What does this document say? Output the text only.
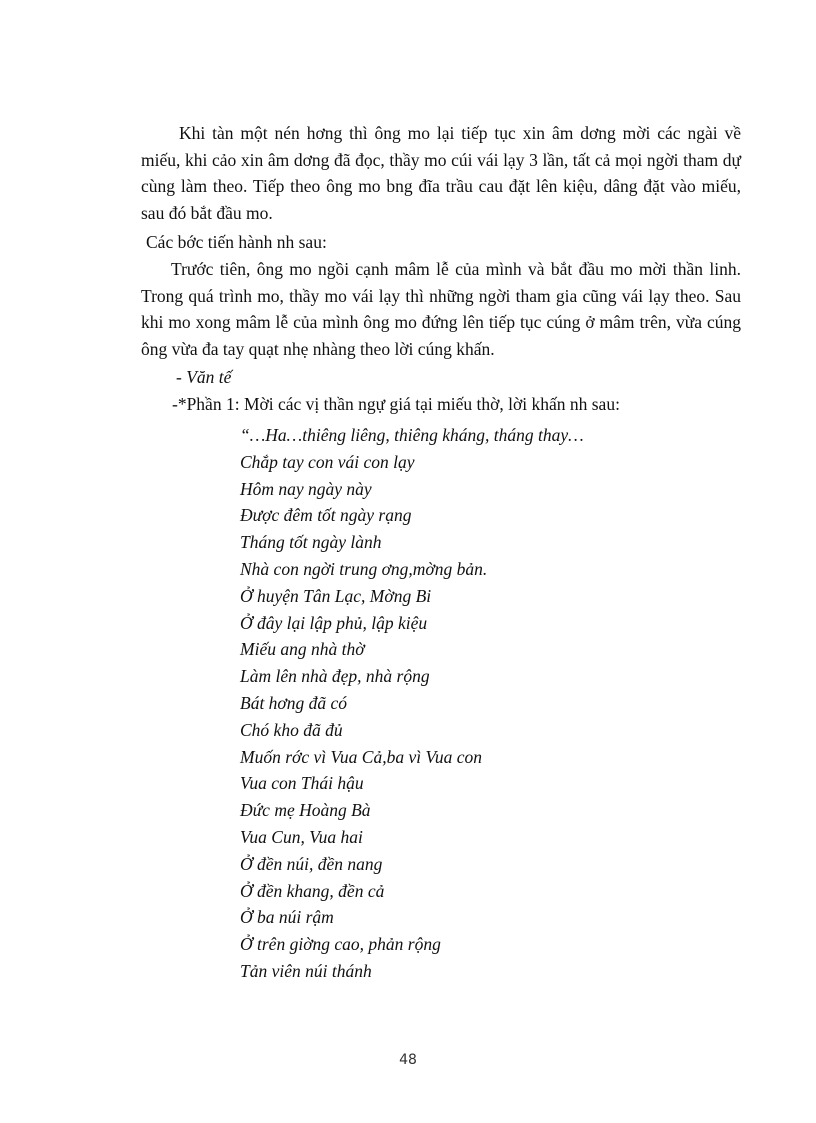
Khi tàn một nén hơng thì ông mo lại tiếp tục xin âm dơng mời các ngài về miếu, khi cảo xin âm dơng đã đọc, thầy mo cúi vái lạy 3 lần, tất cả mọi ngời tham dự cùng làm theo. Tiếp theo ông mo bng đĩa trầu cau đặt lên kiệu, dâng đặt vào miếu, sau đó bắt đầu mo.

Các bớc tiến hành nh sau:

Trước tiên, ông mo ngồi cạnh mâm lễ của mình và bắt đầu mo mời thần linh. Trong quá trình mo, thầy mo vái lạy thì những ngời tham gia cũng vái lạy theo. Sau khi mo xong mâm lễ của mình ông mo đứng lên tiếp tục cúng ở mâm trên, vừa cúng ông vừa đa tay quạt nhẹ nhàng theo lời cúng khấn.

- Văn tế

-*Phần 1: Mời các vị thần ngự giá tại miếu thờ, lời khấn nh sau:

“…Ha…thiêng liêng, thiêng kháng, tháng thay…
Chắp tay con vái con lạy
Hôm nay ngày này
Được đêm tốt ngày rạng
Tháng tốt ngày lành
Nhà con ngời trung ơng,mờng bản.
Ở huyện Tân Lạc, Mờng Bi
Ở đây lại lập phủ, lập kiệu
Miếu ang nhà thờ
Làm lên nhà đẹp, nhà rộng
Bát hơng đã có
Chó kho đã đủ
Muốn rớc vì Vua Cả,ba vì Vua con
Vua con Thái hậu
Đức mẹ Hoàng Bà
Vua Cun, Vua hai
Ở đền núi, đền nang
Ở đền khang, đền cả
Ở ba núi rậm
Ở trên giờng cao, phản rộng
Tản viên núi thánh
48
